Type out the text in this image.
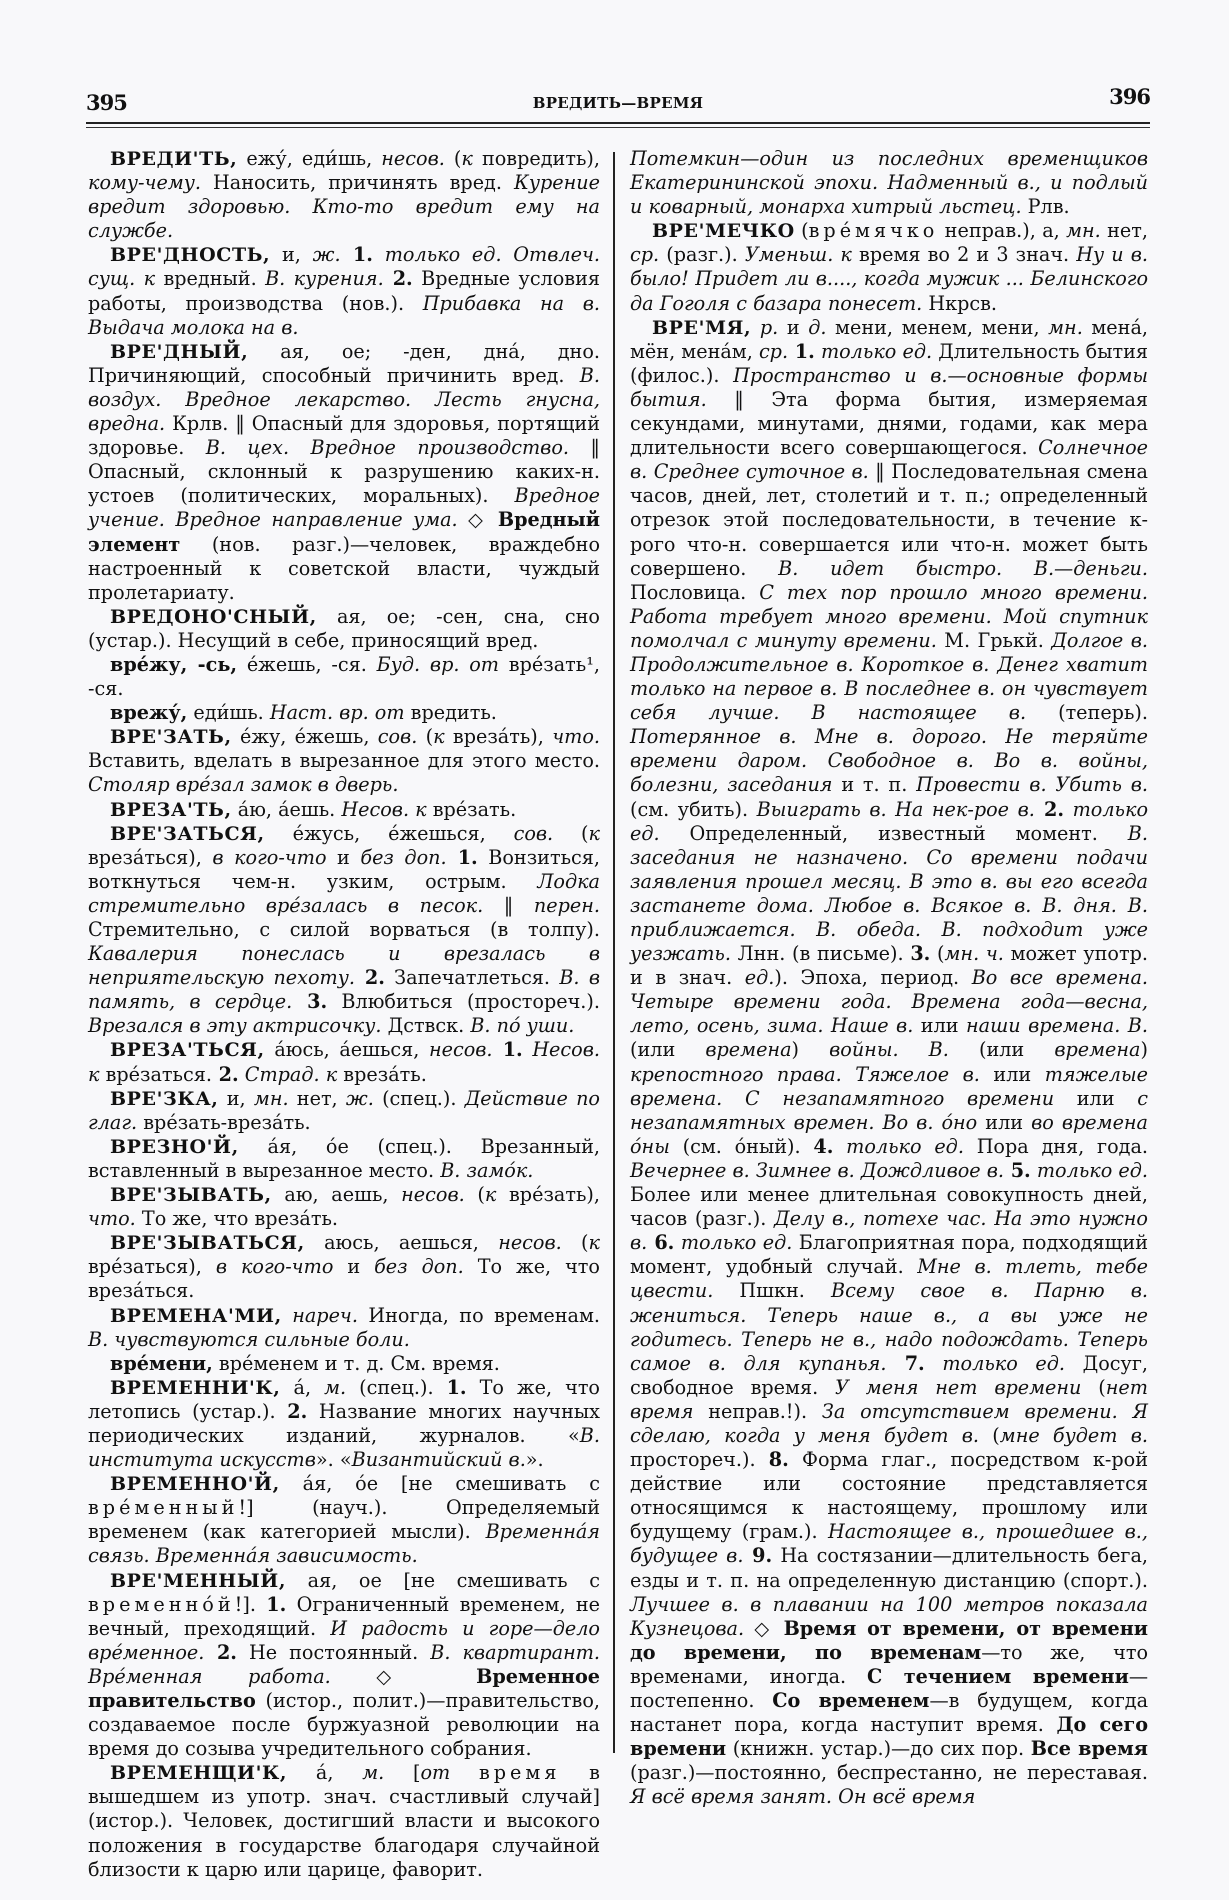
395	ВРЕДИТЬ—ВРЕМЯ	396

ВРЕДИ'ТЬ, ежу́, еди́шь, несов. (к повредить), кому-чему. Наносить, причинять вред. Курение вредит здоровью. Кто-то вредит ему на службе.

ВРЕ'ДНОСТЬ, и, ж. 1. только ед. Отвлеч. сущ. к вредный. В. курения. 2. Вредные условия работы, производства (нов.). Прибавка на в. Выдача молока на в.

ВРЕ'ДНЫЙ, ая, ое; -ден, дна́, дно. Причиняющий, способный причинить вред. В. воздух. Вредное лекарство. Лесть гнусна, вредна. Крлв. ‖ Опасный для здоровья, портящий здоровье. В. цех. Вредное производство. ‖ Опасный, склонный к разрушению каких-н. устоев (политических, моральных). Вредное учение. Вредное направление ума. ◇ Вредный элемент (нов. разг.)—человек, враждебно настроенный к советской власти, чуждый пролетариату.

ВРЕДОНО'СНЫЙ, ая, ое; -сен, сна, сно (устар.). Несущий в себе, приносящий вред.

вре́жу, -сь, е́жешь, -ся. Буд. вр. от вре́зать¹, -ся.

врежу́, еди́шь. Наст. вр. от вредить.

ВРЕ'ЗАТЬ, е́жу, е́жешь, сов. (к вреза́ть), что. Вставить, вделать в вырезанное для этого место. Столяр вре́зал замок в дверь.

ВРЕЗА'ТЬ, а́ю, а́ешь. Несов. к вре́зать.

ВРЕ'ЗАТЬСЯ, е́жусь, е́жешься, сов. (к вреза́ться), в кого-что и без доп. 1. Вонзиться, воткнуться чем-н. узким, острым. Лодка стремительно вре́залась в песок. ‖ перен. Стремительно, с силой ворваться (в толпу). Кавалерия понеслась и врезалась в неприятельскую пехоту. 2. Запечатлеться. В. в память, в сердце. 3. Влюбиться (простореч.). Врезался в эту актрисочку. Дствск. В. по́ уши.

ВРЕЗА'ТЬСЯ, а́юсь, а́ешься, несов. 1. Несов. к вре́заться. 2. Страд. к вреза́ть.

ВРЕ'ЗКА, и, мн. нет, ж. (спец.). Действие по глаг. вре́зать-вреза́ть.

ВРЕЗНО'Й, а́я, о́е (спец.). Врезанный, вставленный в вырезанное место. В. замо́к.

ВРЕ'ЗЫВАТЬ, аю, аешь, несов. (к вре́зать), что. То же, что вреза́ть.

ВРЕ'ЗЫВАТЬСЯ, аюсь, аешься, несов. (к вре́заться), в кого-что и без доп. То же, что вреза́ться.

ВРЕМЕНА'МИ, нареч. Иногда, по временам. В. чувствуются сильные боли.

вре́мени, вре́менем и т. д. См. время.

ВРЕМЕННИ'К, а́, м. (спец.). 1. То же, что летопись (устар.). 2. Название многих научных периодических изданий, журналов. «В. института искусств». «Византийский в.».

ВРЕМЕННО'Й, а́я, о́е [не смешивать с вре́менный!] (науч.). Определяемый временем (как категорией мысли). Временна́я связь. Временна́я зависимость.

ВРЕ'МЕННЫЙ, ая, ое [не смешивать с временно́й!]. 1. Ограниченный временем, не вечный, преходящий. И радость и горе—дело вре́менное. 2. Не постоянный. В. квартирант. Вре́менная работа. ◇ Временное правительство (истор., полит.)—правительство, создаваемое после буржуазной революции на время до созыва учредительного собрания.

ВРЕМЕНЩИ'К, а́, м. [от время в вышедшем из употр. знач. счастливый случай] (истор.). Человек, достигший власти и высокого положения в государстве благодаря случайной близости к царю или царице, фаворит.

Потемкин—один из последних временщиков Екатерининской эпохи. Надменный в., и подлый и коварный, монарха хитрый льстец. Рлв.

ВРЕ'МЕЧКО (вре́мячко неправ.), а, мн. нет, ср. (разг.). Уменьш. к время во 2 и 3 знач. Ну и в. было! Придет ли в...., когда мужик ... Белинского да Гоголя с базара понесет. Нкрсв.

ВРЕ'МЯ, р. и д. мени, менем, мени, мн. мена́, мён, мена́м, ср. 1. только ед. Длительность бытия (филос.). Пространство и в.—основные формы бытия. ‖ Эта форма бытия, измеряемая секундами, минутами, днями, годами, как мера длительности всего совершающегося. Солнечное в. Среднее суточное в. ‖ Последовательная смена часов, дней, лет, столетий и т. п.; определенный отрезок этой последовательности, в течение к-рого что-н. совершается или что-н. может быть совершено. В. идет быстро. В.—деньги. Пословица. С тех пор прошло много времени. Работа требует много времени. Мой спутник помолчал с минуту времени. М. Грькй. Долгое в. Продолжительное в. Короткое в. Денег хватит только на первое в. В последнее в. он чувствует себя лучше. В настоящее в. (теперь). Потерянное в. Мне в. дорого. Не теряйте времени даром. Свободное в. Во в. войны, болезни, заседания и т. п. Провести в. Убить в. (см. убить). Выиграть в. На нек-рое в. 2. только ед. Определенный, известный момент. В. заседания не назначено. Со времени подачи заявления прошел месяц. В это в. вы его всегда застанете дома. Любое в. Всякое в. В. дня. В. приближается. В. обеда. В. подходит уже уезжать. Лнн. (в письме). 3. (мн. ч. может употр. и в знач. ед.). Эпоха, период. Во все времена. Четыре времени года. Времена года—весна, лето, осень, зима. Наше в. или наши времена. В. (или времена) войны. В. (или времена) крепостного права. Тяжелое в. или тяжелые времена. С незапамятного времени или с незапамятных времен. Во в. о́но или во времена о́ны (см. о́ный). 4. только ед. Пора дня, года. Вечернее в. Зимнее в. Дождливое в. 5. только ед. Более или менее длительная совокупность дней, часов (разг.). Делу в., потехе час. На это нужно в. 6. только ед. Благоприятная пора, подходящий момент, удобный случай. Мне в. тлеть, тебе цвести. Пшкн. Всему свое в. Парню в. жениться. Теперь наше в., а вы уже не годитесь. Теперь не в., надо подождать. Теперь самое в. для купанья. 7. только ед. Досуг, свободное время. У меня нет времени (нет время неправ.!). За отсутствием времени. Я сделаю, когда у меня будет в. (мне будет в. простореч.). 8. Форма глаг., посредством к-рой действие или состояние представляется относящимся к настоящему, прошлому или будущему (грам.). Настоящее в., прошедшее в., будущее в. 9. На состязании—длительность бега, езды и т. п. на определенную дистанцию (спорт.). Лучшее в. в плавании на 100 метров показала Кузнецова. ◇ Время от времени, от времени до времени, по временам—то же, что временами, иногда. С течением времени—постепенно. Со временем—в будущем, когда настанет пора, когда наступит время. До сего времени (книжн. устар.)—до сих пор. Все время (разг.)—постоянно, беспрестанно, не переставая. Я всё время занят. Он всё время
